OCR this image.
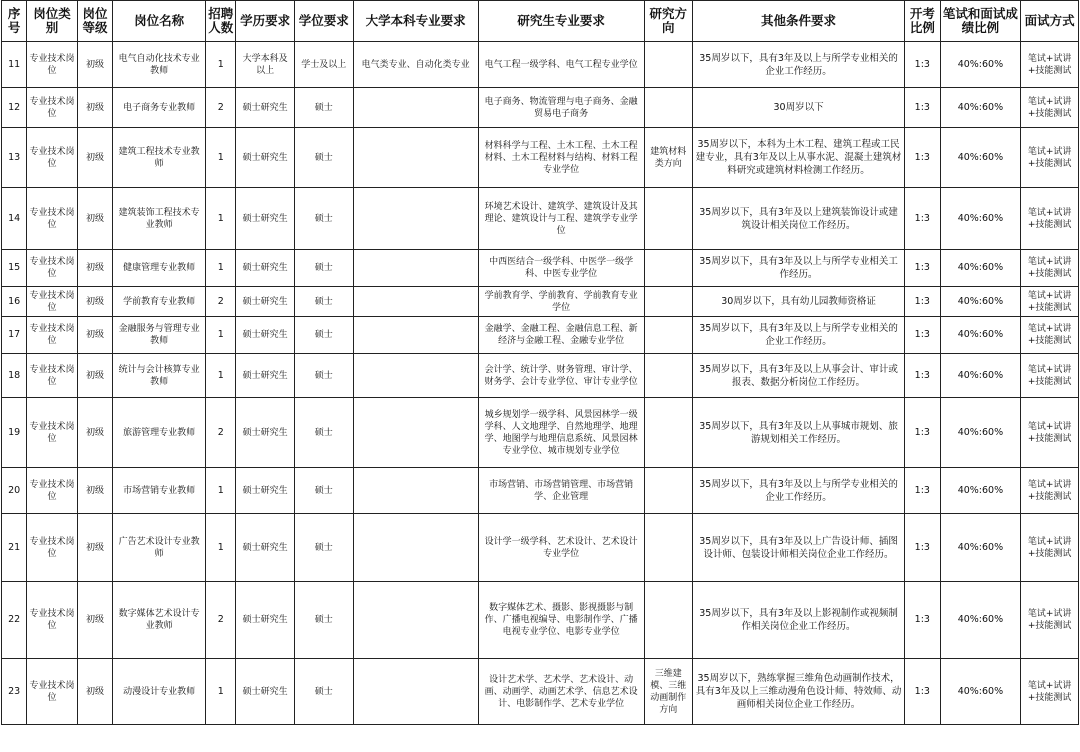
序号	岗位类别	岗位等级	岗位名称	招聘人数	学历要求	学位要求	大学本科专业要求	研究生专业要求	研究方向	其他条件要求	开考比例	笔试和面试成绩比例	面试方式
11	专业技术岗位	初级	电气自动化技术专业教师	1	大学本科及以上	学士及以上	电气类专业、自动化类专业	电气工程一级学科、电气工程专业学位		35周岁以下，具有3年及以上与所学专业相关的企业工作经历。	1:3	40%:60%	笔试+试讲+技能测试
12	专业技术岗位	初级	电子商务专业教师	2	硕士研究生	硕士		电子商务、物流管理与电子商务、金融贸易电子商务		30周岁以下	1:3	40%:60%	笔试+试讲+技能测试
13	专业技术岗位	初级	建筑工程技术专业教师	1	硕士研究生	硕士		材料科学与工程、土木工程、土木工程材料、土木工程材料与结构、材料工程专业学位	建筑材料类方向	35周岁以下，本科为土木工程、建筑工程或工民建专业，具有3年及以上从事水泥、混凝土建筑材料研究或建筑材料检测工作经历。	1:3	40%:60%	笔试+试讲+技能测试
14	专业技术岗位	初级	建筑装饰工程技术专业教师	1	硕士研究生	硕士		环境艺术设计、建筑学、建筑设计及其理论、建筑设计与工程、建筑学专业学位		35周岁以下，具有3年及以上建筑装饰设计或建筑设计相关岗位工作经历。	1:3	40%:60%	笔试+试讲+技能测试
15	专业技术岗位	初级	健康管理专业教师	1	硕士研究生	硕士		中西医结合一级学科、中医学一级学科、中医专业学位		35周岁以下，具有3年及以上与所学专业相关工作经历。	1:3	40%:60%	笔试+试讲+技能测试
16	专业技术岗位	初级	学前教育专业教师	2	硕士研究生	硕士		学前教育学、学前教育、学前教育专业学位		30周岁以下，具有幼儿园教师资格证	1:3	40%:60%	笔试+试讲+技能测试
17	专业技术岗位	初级	金融服务与管理专业教师	1	硕士研究生	硕士		金融学、金融工程、金融信息工程、新经济与金融工程、金融专业学位		35周岁以下，具有3年及以上与所学专业相关的企业工作经历。	1:3	40%:60%	笔试+试讲+技能测试
18	专业技术岗位	初级	统计与会计核算专业教师	1	硕士研究生	硕士		会计学、统计学、财务管理、审计学、财务学、会计专业学位、审计专业学位		35周岁以下，具有3年及以上从事会计、审计或报表、数据分析岗位工作经历。	1:3	40%:60%	笔试+试讲+技能测试
19	专业技术岗位	初级	旅游管理专业教师	2	硕士研究生	硕士		城乡规划学一级学科、风景园林学一级学科、人文地理学、自然地理学、地理学、地图学与地理信息系统、风景园林专业学位、城市规划专业学位		35周岁以下，具有3年及以上从事城市规划、旅游规划相关工作经历。	1:3	40%:60%	笔试+试讲+技能测试
20	专业技术岗位	初级	市场营销专业教师	1	硕士研究生	硕士		市场营销、市场营销管理、市场营销学、企业管理		35周岁以下，具有3年及以上与所学专业相关的企业工作经历。	1:3	40%:60%	笔试+试讲+技能测试
21	专业技术岗位	初级	广告艺术设计专业教师	1	硕士研究生	硕士		设计学一级学科、艺术设计、艺术设计专业学位		35周岁以下，具有3年及以上广告设计师、插图设计师、包装设计师相关岗位企业工作经历。	1:3	40%:60%	笔试+试讲+技能测试
22	专业技术岗位	初级	数字媒体艺术设计专业教师	2	硕士研究生	硕士		数字媒体艺术、摄影、影视摄影与制作、广播电视编导、电影制作学、广播电视专业学位、电影专业学位		35周岁以下，具有3年及以上影视制作或视频制作相关岗位企业工作经历。	1:3	40%:60%	笔试+试讲+技能测试
23	专业技术岗位	初级	动漫设计专业教师	1	硕士研究生	硕士		设计艺术学、艺术学、艺术设计、动画、动画学、动画艺术学、信息艺术设计、电影制作学、艺术专业学位	三维建模、三维动画制作方向	35周岁以下，熟练掌握三维角色动画制作技术，具有3年及以上三维动漫角色设计师、特效师、动画师相关岗位企业工作经历。	1:3	40%:60%	笔试+试讲+技能测试
